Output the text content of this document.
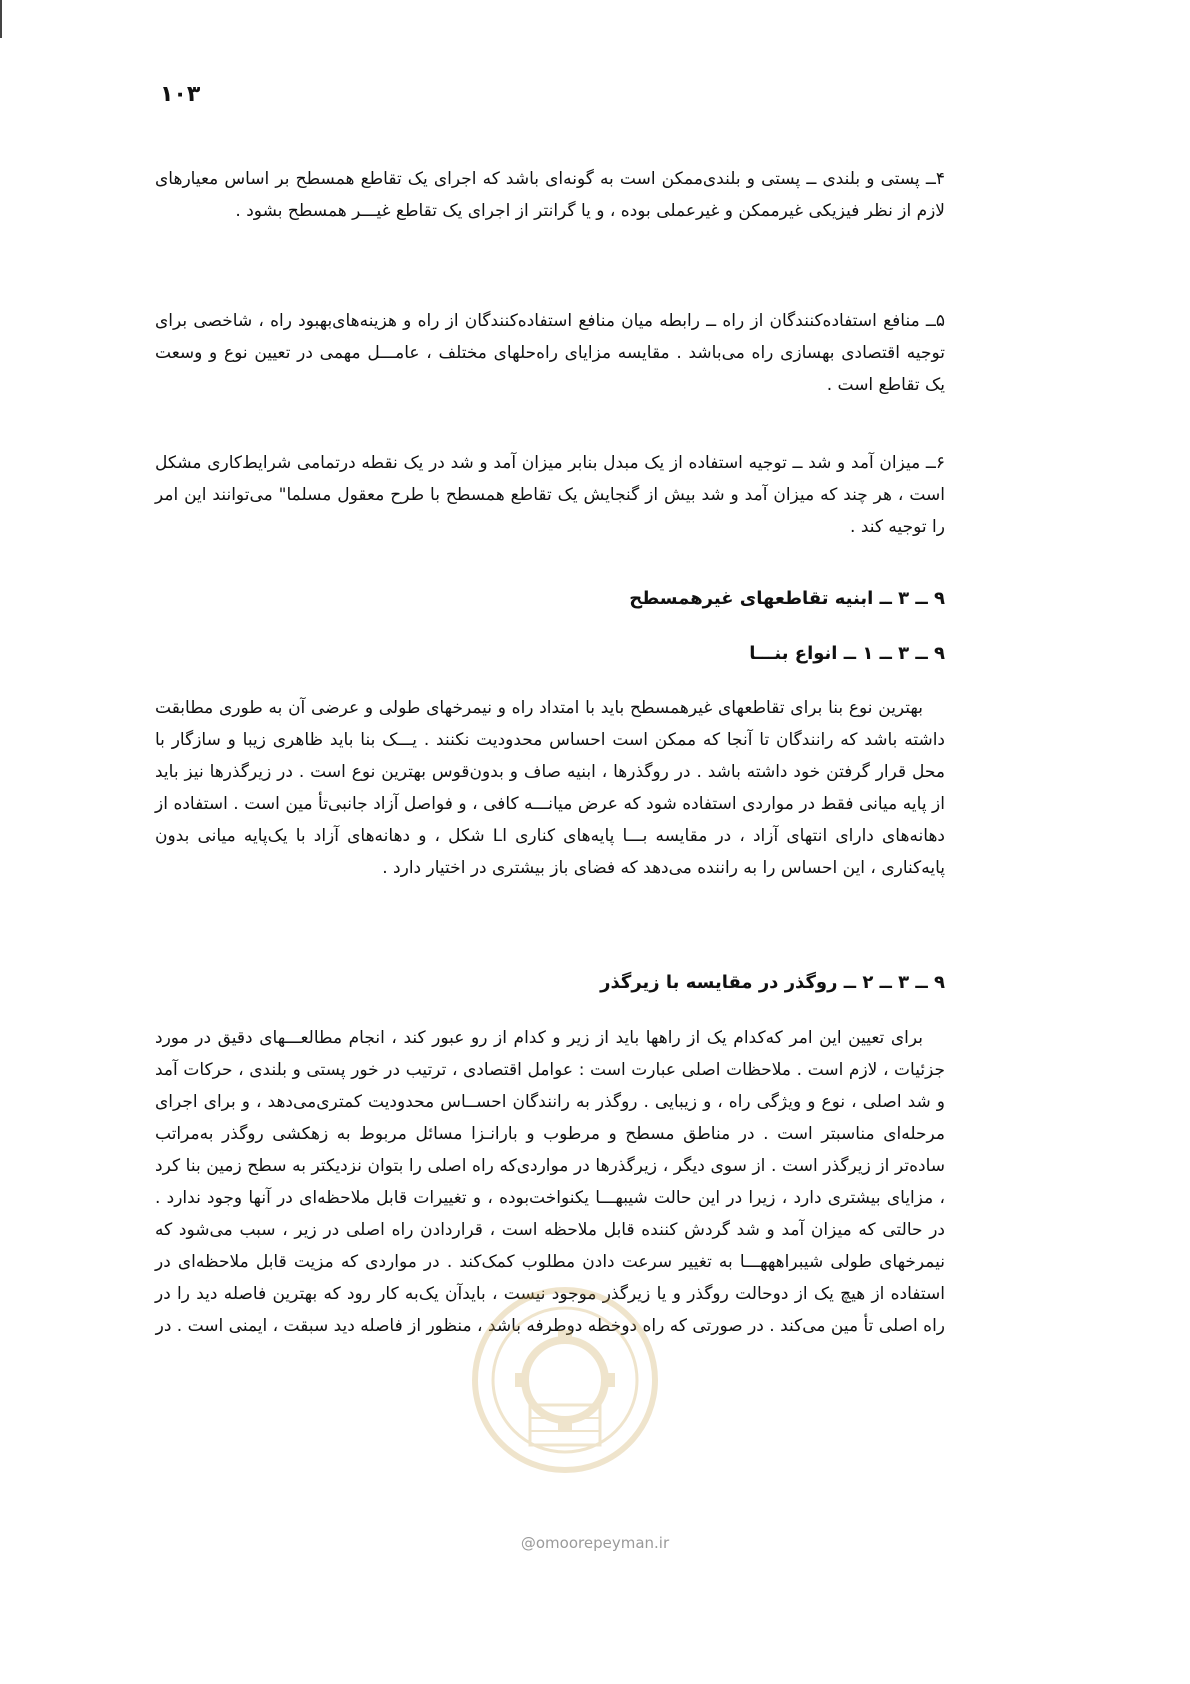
۱۰۳
۴ــ پستی و بلندی ــ پستی و بلندی‌ممکن است به گونه‌ای باشد که اجرای یک تقاطع همسطح بر اساس معیارهای لازم از نظر فیزیکی غیرممکن و غیرعملی بوده ، و یا گرانتر از اجرای یک تقاطع غیـــر همسطح بشود .
۵ــ منافع استفاده‌کنندگان از راه ــ رابطه میان منافع استفاده‌کنندگان از راه و هزینه‌های‌بهبود راه ، شاخصی برای توجیه اقتصادی بهسازی راه می‌باشد . مقایسه مزایای راه‌حلهای مختلف ، عامـــل مهمی در تعیین نوع و وسعت یک تقاطع است .
۶ــ میزان آمد و شد ــ توجیه استفاده از یک مبدل بنابر میزان آمد و شد در یک نقطه درتمامی شرایط‌کاری مشکل است ، هر چند که میزان آمد و شد بیش از گنجایش یک تقاطع همسطح با طرح معقول مسلما" می‌توانند این امر را توجیه کند .
۹ ــ ۳ ــ ابنیه تقاطعهای غیرهمسطح
۹ ــ ۳ ــ ۱ ــ انواع بنـــا
بهترین نوع بنا برای تقاطعهای غیرهمسطح باید با امتداد راه و نیمرخهای طولی و عرضی آن به طوری مطابقت داشته باشد که رانندگان تا آنجا که ممکن است احساس محدودیت نکنند . یـــک بنا باید ظاهری زیبا و سازگار با محل قرار گرفتن خود داشته باشد . در روگذرها ، ابنیه صاف و بدون‌قوس بهترین نوع است . در زیرگذرها نیز باید از پایه میانی فقط در مواردی استفاده شود که عرض میانـــه کافی ، و فواصل آزاد جانبی‌تأ مین است . استفاده از دهانه‌های دارای انتهای آزاد ، در مقایسه بـــا پایه‌های کناری Ll شکل ، و دهانه‌های آزاد با یک‌پایه میانی بدون پایه‌کناری ، این احساس را به راننده می‌دهد که فضای باز بیشتری در اختیار دارد .
۹ ــ ۳ ــ ۲ ــ روگذر در مقایسه با زیرگذر
برای تعیین این امر که‌کدام یک از راهها باید از زیر و کدام از رو عبور کند ، انجام مطالعـــهای دقیق در مورد جزئیات ، لازم است . ملاحظات اصلی عبارت است : عوامل اقتصادی ، ترتیب در خور پستی و بلندی ، حرکات آمد و شد اصلی ، نوع و ویژگی راه ، و زیبایی . روگذر به رانندگان احســاس محدودیت کمتری‌می‌دهد ، و برای اجرای مرحله‌ای مناسبتر است . در مناطق مسطح و مرطوب و بارانـزا مسائل مربوط به زهکشی روگذر به‌مراتب ساده‌تر از زیرگذر است . از سوی دیگر ، زیرگذرها در مواردی‌که راه اصلی را بتوان نزدیکتر به سطح زمین بنا کرد ، مزایای بیشتری دارد ، زیرا در این حالت شیبهـــا یکنواخت‌بوده ، و تغییرات قابل ملاحظه‌ای در آنها وجود ندارد . در حالتی که میزان آمد و شد گردش کننده قابل ملاحظه است ، قراردادن راه اصلی در زیر ، سبب می‌شود که نیمرخهای طولی شیبراهههـــا به تغییر سرعت دادن مطلوب کمک‌کند . در مواردی که مزیت قابل ملاحظه‌ای در استفاده از هیچ یک از دوحالت روگذر و یا زیرگذر موجود نیست ، باید‌آن یک‌به کار رود که بهترین فاصله دید را در راه اصلی تأ مین می‌کند . در صورتی که راه دوخطه دوطرفه باشد ، منظور از فاصله دید سبقت ، ایمنی است . در
@omoorepeyman.ir
